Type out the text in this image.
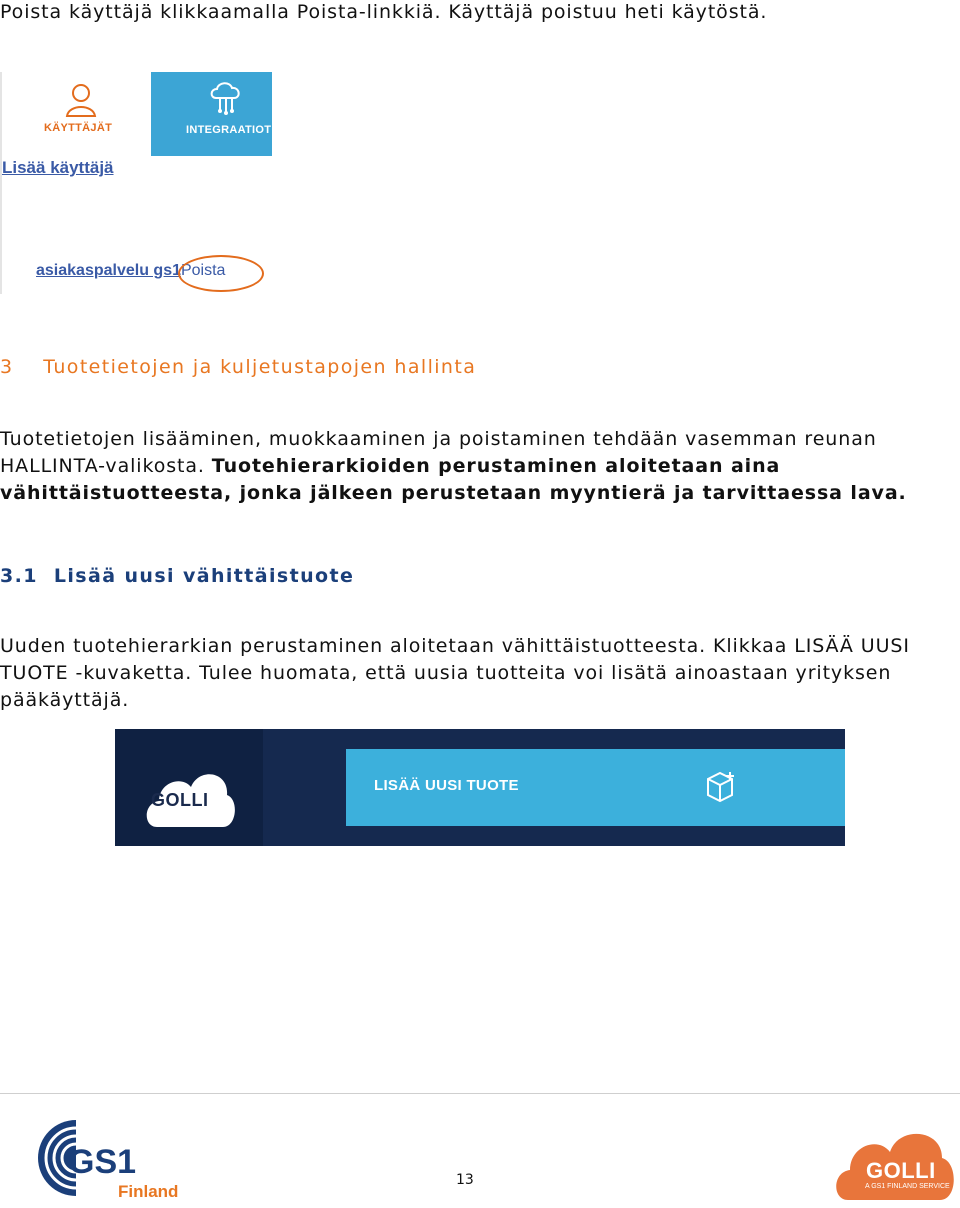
Poista käyttäjä klikkaamalla Poista-linkkiä. Käyttäjä poistuu heti käytöstä.
KÄYTTÄJÄT	INTEGRAATIOT
Lisää käyttäjä
asiakaspalvelu gs1Poista
3    Tuotetietojen ja kuljetustapojen hallinta
Tuotetietojen lisääminen, muokkaaminen ja poistaminen tehdään vasemman reunan
HALLINTA-valikosta. Tuotehierarkioiden perustaminen aloitetaan aina
vähittäistuotteesta, jonka jälkeen perustetaan myyntierä ja tarvittaessa lava.
3.1  Lisää uusi vähittäistuote
Uuden tuotehierarkian perustaminen aloitetaan vähittäistuotteesta. Klikkaa LISÄÄ UUSI
TUOTE -kuvaketta. Tulee huomata, että uusia tuotteita voi lisätä ainoastaan yrityksen
pääkäyttäjä.
GOLLI
LISÄÄ UUSI TUOTE
GS1
Finland
13	GOLLI
A GS1 FINLAND SERVICE
